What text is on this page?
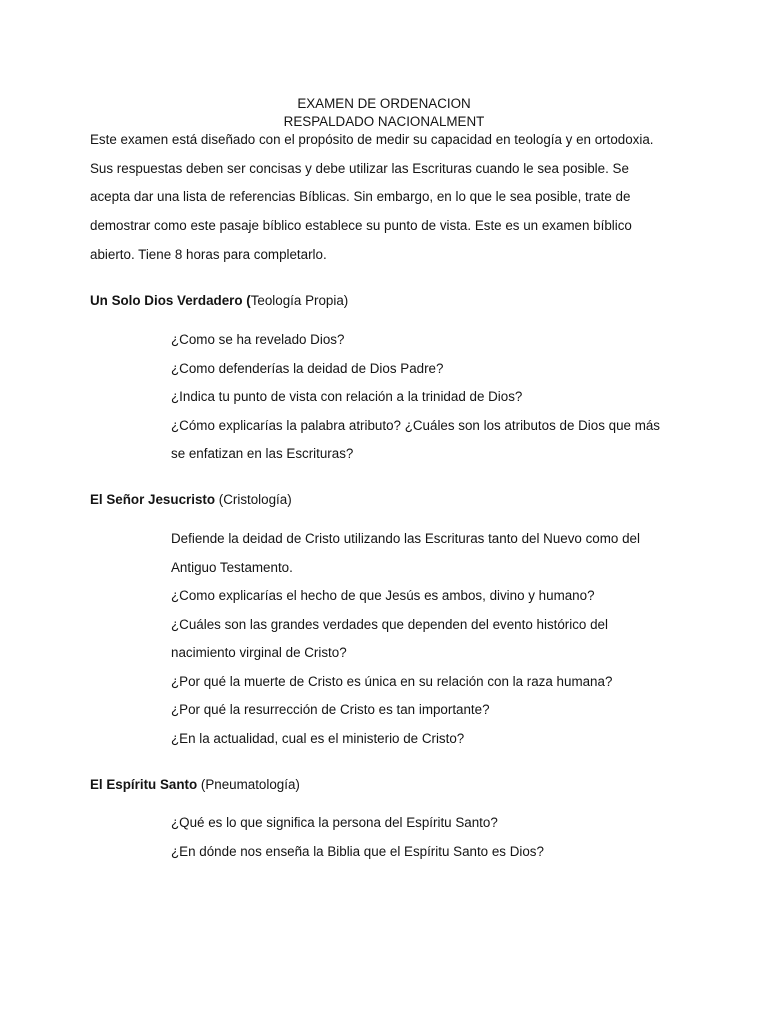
EXAMEN DE ORDENACION
RESPALDADO NACIONALMENT
Este examen está diseñado con el propósito de medir su capacidad en teología y en ortodoxia.
Sus respuestas deben ser concisas y debe utilizar las Escrituras cuando le sea posible. Se
acepta dar una lista de referencias Bíblicas. Sin embargo, en lo que le sea posible, trate de
demostrar como este pasaje bíblico establece su punto de vista. Este es un examen bíblico
abierto. Tiene 8 horas para completarlo.
Un Solo Dios Verdadero (Teología Propia)
¿Como se ha revelado Dios?
¿Como defenderías la deidad de Dios Padre?
¿Indica tu punto de vista con relación a la trinidad de Dios?
¿Cómo explicarías la palabra atributo? ¿Cuáles son los atributos de Dios que más
se enfatizan en las Escrituras?
El Señor Jesucristo (Cristología)
Defiende la deidad de Cristo utilizando las Escrituras tanto del Nuevo como del
Antiguo Testamento.
¿Como explicarías el hecho de que Jesús es ambos, divino y humano?
¿Cuáles son las grandes verdades que dependen del evento histórico del
nacimiento virginal de Cristo?
¿Por qué la muerte de Cristo es única en su relación con la raza humana?
¿Por qué la resurrección de Cristo es tan importante?
¿En la actualidad, cual es el ministerio de Cristo?
El Espíritu Santo (Pneumatología)
¿Qué es lo que significa la persona del Espíritu Santo?
¿En dónde nos enseña la Biblia que el Espíritu Santo es Dios?
